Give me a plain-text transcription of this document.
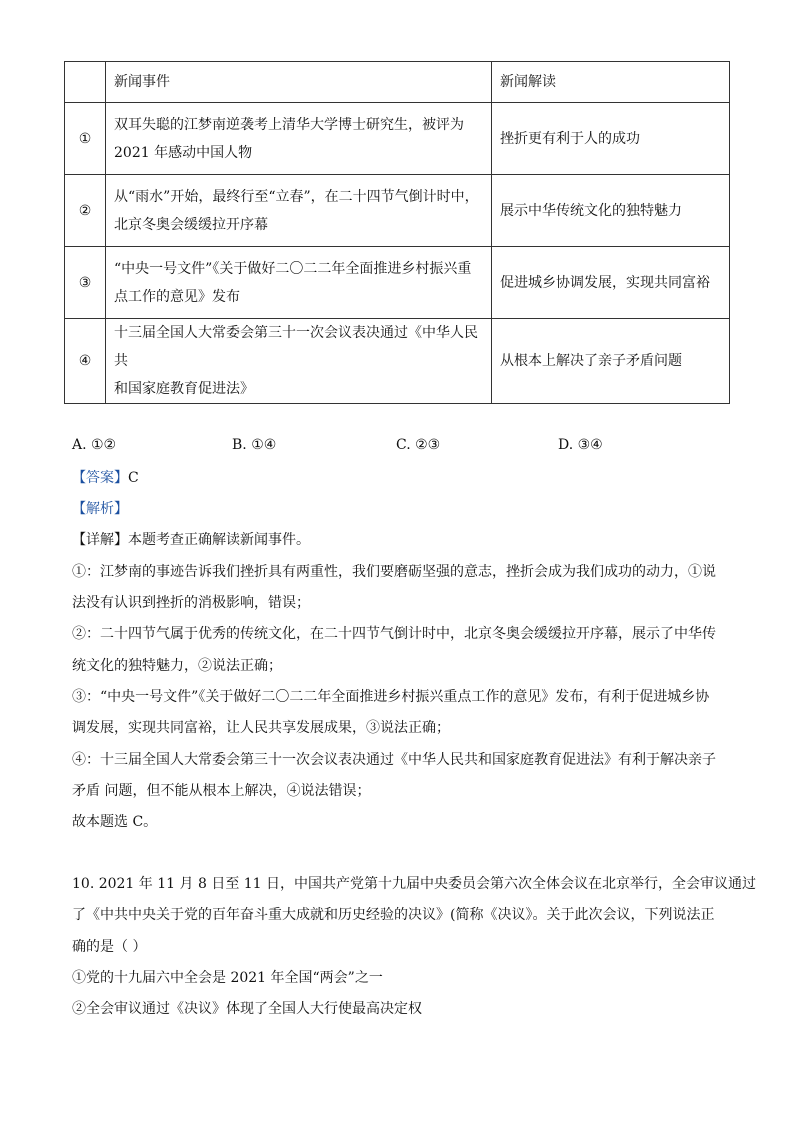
	新闻事件	新闻解读
①	双耳失聪的江梦南逆袭考上清华大学博士研究生，被评为
2021 年感动中国人物	挫折更有利于人的成功
②	从“雨水”开始，最终行至“立春”，在二十四节气倒计时中，
北京冬奥会缓缓拉开序幕	展示中华传统文化的独特魅力
③	“中央一号文件”《关于做好二〇二二年全面推进乡村振兴重
点工作的意见》发布	促进城乡协调发展，实现共同富裕
④	十三届全国人大常委会第三十一次会议表决通过《中华人民共
和国家庭教育促进法》	从根本上解决了亲子矛盾问题
A. ①②	B. ①④	C. ②③	D. ③④
【答案】C
【解析】
【详解】本题考查正确解读新闻事件。
①：江梦南的事迹告诉我们挫折具有两重性，我们要磨砺坚强的意志，挫折会成为我们成功的动力，①说
法没有认识到挫折的消极影响，错误；
②：二十四节气属于优秀的传统文化，在二十四节气倒计时中，北京冬奥会缓缓拉开序幕，展示了中华传
统文化的独特魅力，②说法正确；
③：“中央一号文件”《关于做好二〇二二年全面推进乡村振兴重点工作的意见》发布，有利于促进城乡协
调发展，实现共同富裕，让人民共享发展成果，③说法正确；
④：十三届全国人大常委会第三十一次会议表决通过《中华人民共和国家庭教育促进法》有利于解决亲子
矛盾 问题，但不能从根本上解决，④说法错误；
故本题选 C。
10. 2021 年 11 月 8 日至 11 日，中国共产党第十九届中央委员会第六次全体会议在北京举行，全会审议通过
了《中共中央关于党的百年奋斗重大成就和历史经验的决议》(简称《决议》。关于此次会议，下列说法正
确的是（ ）
①党的十九届六中全会是 2021 年全国“两会”之一
②全会审议通过《决议》体现了全国人大行使最高决定权
